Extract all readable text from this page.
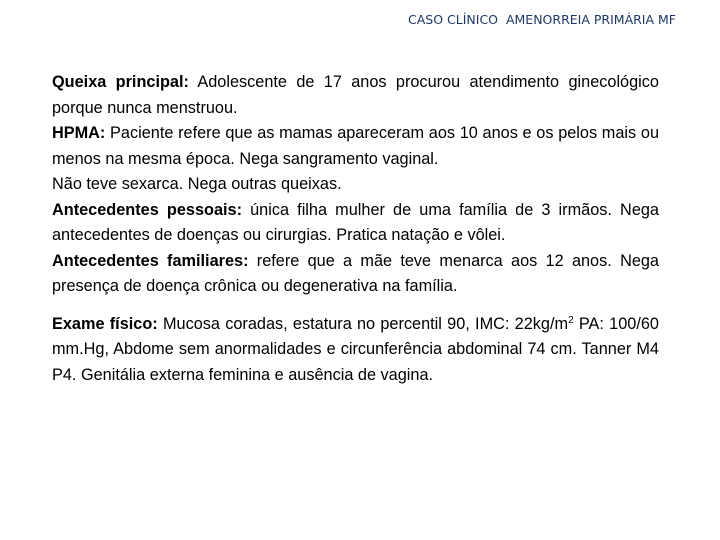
CASO CLÍNICO  AMENORREIA PRIMÁRIA MF

Queixa principal: Adolescente de 17 anos procurou atendimento ginecológico porque nunca menstruou.

HPMA: Paciente refere que as mamas apareceram aos 10 anos e os pelos mais ou menos na mesma época. Nega sangramento vaginal.

Não teve sexarca. Nega outras queixas.

Antecedentes pessoais: única filha mulher de uma família de 3 irmãos. Nega antecedentes de doenças ou cirurgias. Pratica natação e vôlei.

Antecedentes familiares: refere que a mãe teve menarca aos 12 anos. Nega presença de doença crônica ou degenerativa na família.

Exame físico: Mucosa coradas, estatura no percentil 90, IMC: $22kg/m^2$ PA: 100/60 mm.Hg, Abdome sem anormalidades e circunferência abdominal 74 cm. Tanner M4 P4. Genitália externa feminina e ausência de vagina.
